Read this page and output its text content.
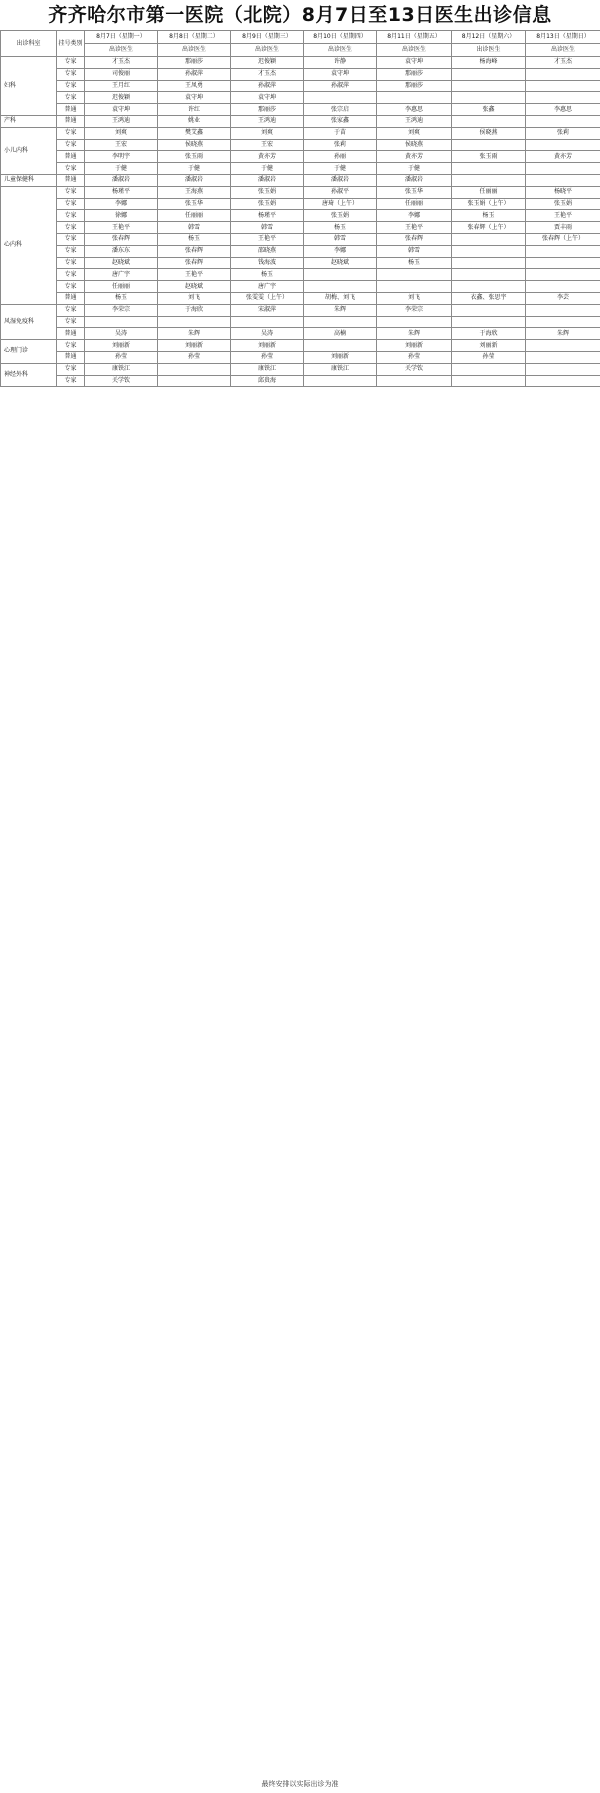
齐齐哈尔市第一医院（北院）8月7日至13日医生出诊信息
出诊科室	挂号类别	8月7日（星期一）	8月8日（星期二）	8月9日（星期三）	8月10日（星期四）	8月11日（星期五）	8月12日（星期六）	8月13日（星期日）
		出诊医生	出诊医生	出诊医生	出诊医生	出诊医生	出诊医生	出诊医生
妇科	专家	才玉杰	那丽莎	迟俊颖	许静	袁守坤	杨海峰	才玉杰
	专家	司俊丽	孙淑萍	才玉杰	袁守坤	那丽莎		
	专家	王月红	王凤勇	孙淑萍	孙淑萍	那丽莎		
	专家	迟俊颖	袁守坤	袁守坤				
	普通	袁守坤	许红	那丽莎	张宗启	李惠思	张鑫	李惠思
产科	普通	王鸿迪	姚业	王鸿迪	张家鑫	王鸿迪		
小儿内科	专家	刘爽	樊艾鑫	刘爽	于苗	刘爽	侯晓燕	张莉
	专家	王宏	侯晓燕	王宏	张莉	侯晓燕		
	普通	李明宇	张玉雨	黄亦芳	孙丽	黄亦芳	张玉雨	黄亦芳
	专家	于健	于健	于健	于健	于健		
儿童保健科	普通	潘淑岩	潘淑岩	潘淑岩	潘淑岩	潘淑岩		
心内科	专家	杨瑾平	王海燕	张玉娟	孙淑平	张玉华	任丽丽	杨晓平
	专家	李娜	张玉华	张玉娟	唐琦（上午）	任丽丽	张玉娟（上午）	张玉娟
	专家	徐娜	任丽丽	杨瑾平	张玉娟	李娜	杨玉	王艳平
	专家	王艳平	韩雪	韩雪	杨玉	王艳平	张春辉（上午）	贾丰雨
	专家	张春辉	杨玉	王艳平	韩雪	张春辉		张春辉（上午）
	专家	潘东东	张春辉	邵晓燕	李娜	韩雪		
	专家	赵晓斌	张春辉	钱海波	赵晓斌	杨玉		
	专家	唐广宇	王艳平	杨玉				
	专家	任丽丽	赵晓斌	唐广宇				
	普通	杨玉	刘飞	张雯雯（上午）	胡梅、刘飞	刘飞	衣鑫、张思宇	李芸
风湿免疫科	专家	李荣宗	于海欣	宋淑萍	朱辉	李荣宗		
	专家							
	普通	吴涛	朱辉	吴涛	高楠	朱辉	于海欣	朱辉
心理门诊	专家	刘丽新	刘丽新	刘丽新		刘丽新	刘丽新	
	普通	孙莹	孙莹	孙莹	刘丽新	孙莹	孙莹	
神经外科	专家	康铁江		康铁江	康铁江	关学钦		
	专家	关学钦		邱贵海				
最终安排以实际出诊为准
